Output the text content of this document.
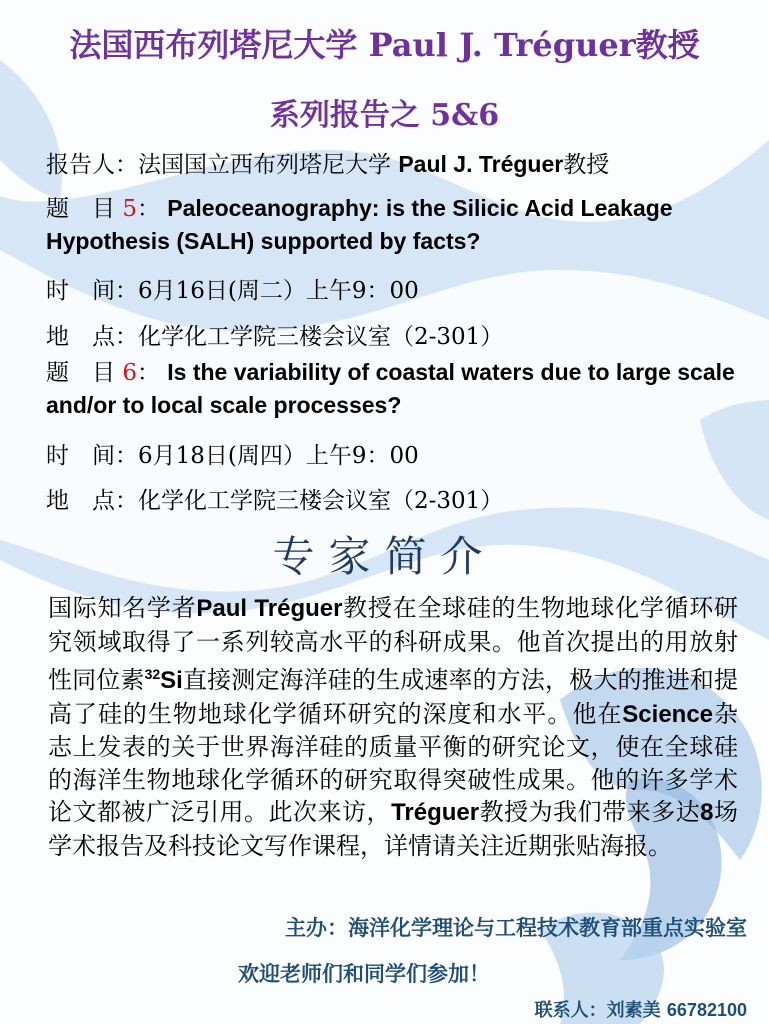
法国西布列塔尼大学 Paul J. Tréguer教授
系列报告之 5&6
报告人：法国国立西布列塔尼大学 Paul J. Tréguer教授
题　目 5： Paleoceanography: is the Silicic Acid Leakage Hypothesis (SALH) supported by facts?
时　间：6月16日(周二）上午9：00
地　点：化学化工学院三楼会议室（2-301）
题　目 6： Is the variability of coastal waters due to large scale and/or to local scale processes?
时　间：6月18日(周四）上午9：00
地　点：化学化工学院三楼会议室（2-301）
专家简介
国际知名学者Paul Tréguer教授在全球硅的生物地球化学循环研究领域取得了一系列较高水平的科研成果。他首次提出的用放射性同位素$^{32}$Si直接测定海洋硅的生成速率的方法，极大的推进和提高了硅的生物地球化学循环研究的深度和水平。他在Science杂志上发表的关于世界海洋硅的质量平衡的研究论文，使在全球硅的海洋生物地球化学循环的研究取得突破性成果。他的许多学术论文都被广泛引用。此次来访，Tréguer教授为我们带来多达8场学术报告及科技论文写作课程，详情请关注近期张贴海报。
主办：海洋化学理论与工程技术教育部重点实验室
欢迎老师们和同学们参加！
联系人：刘素美 66782100
